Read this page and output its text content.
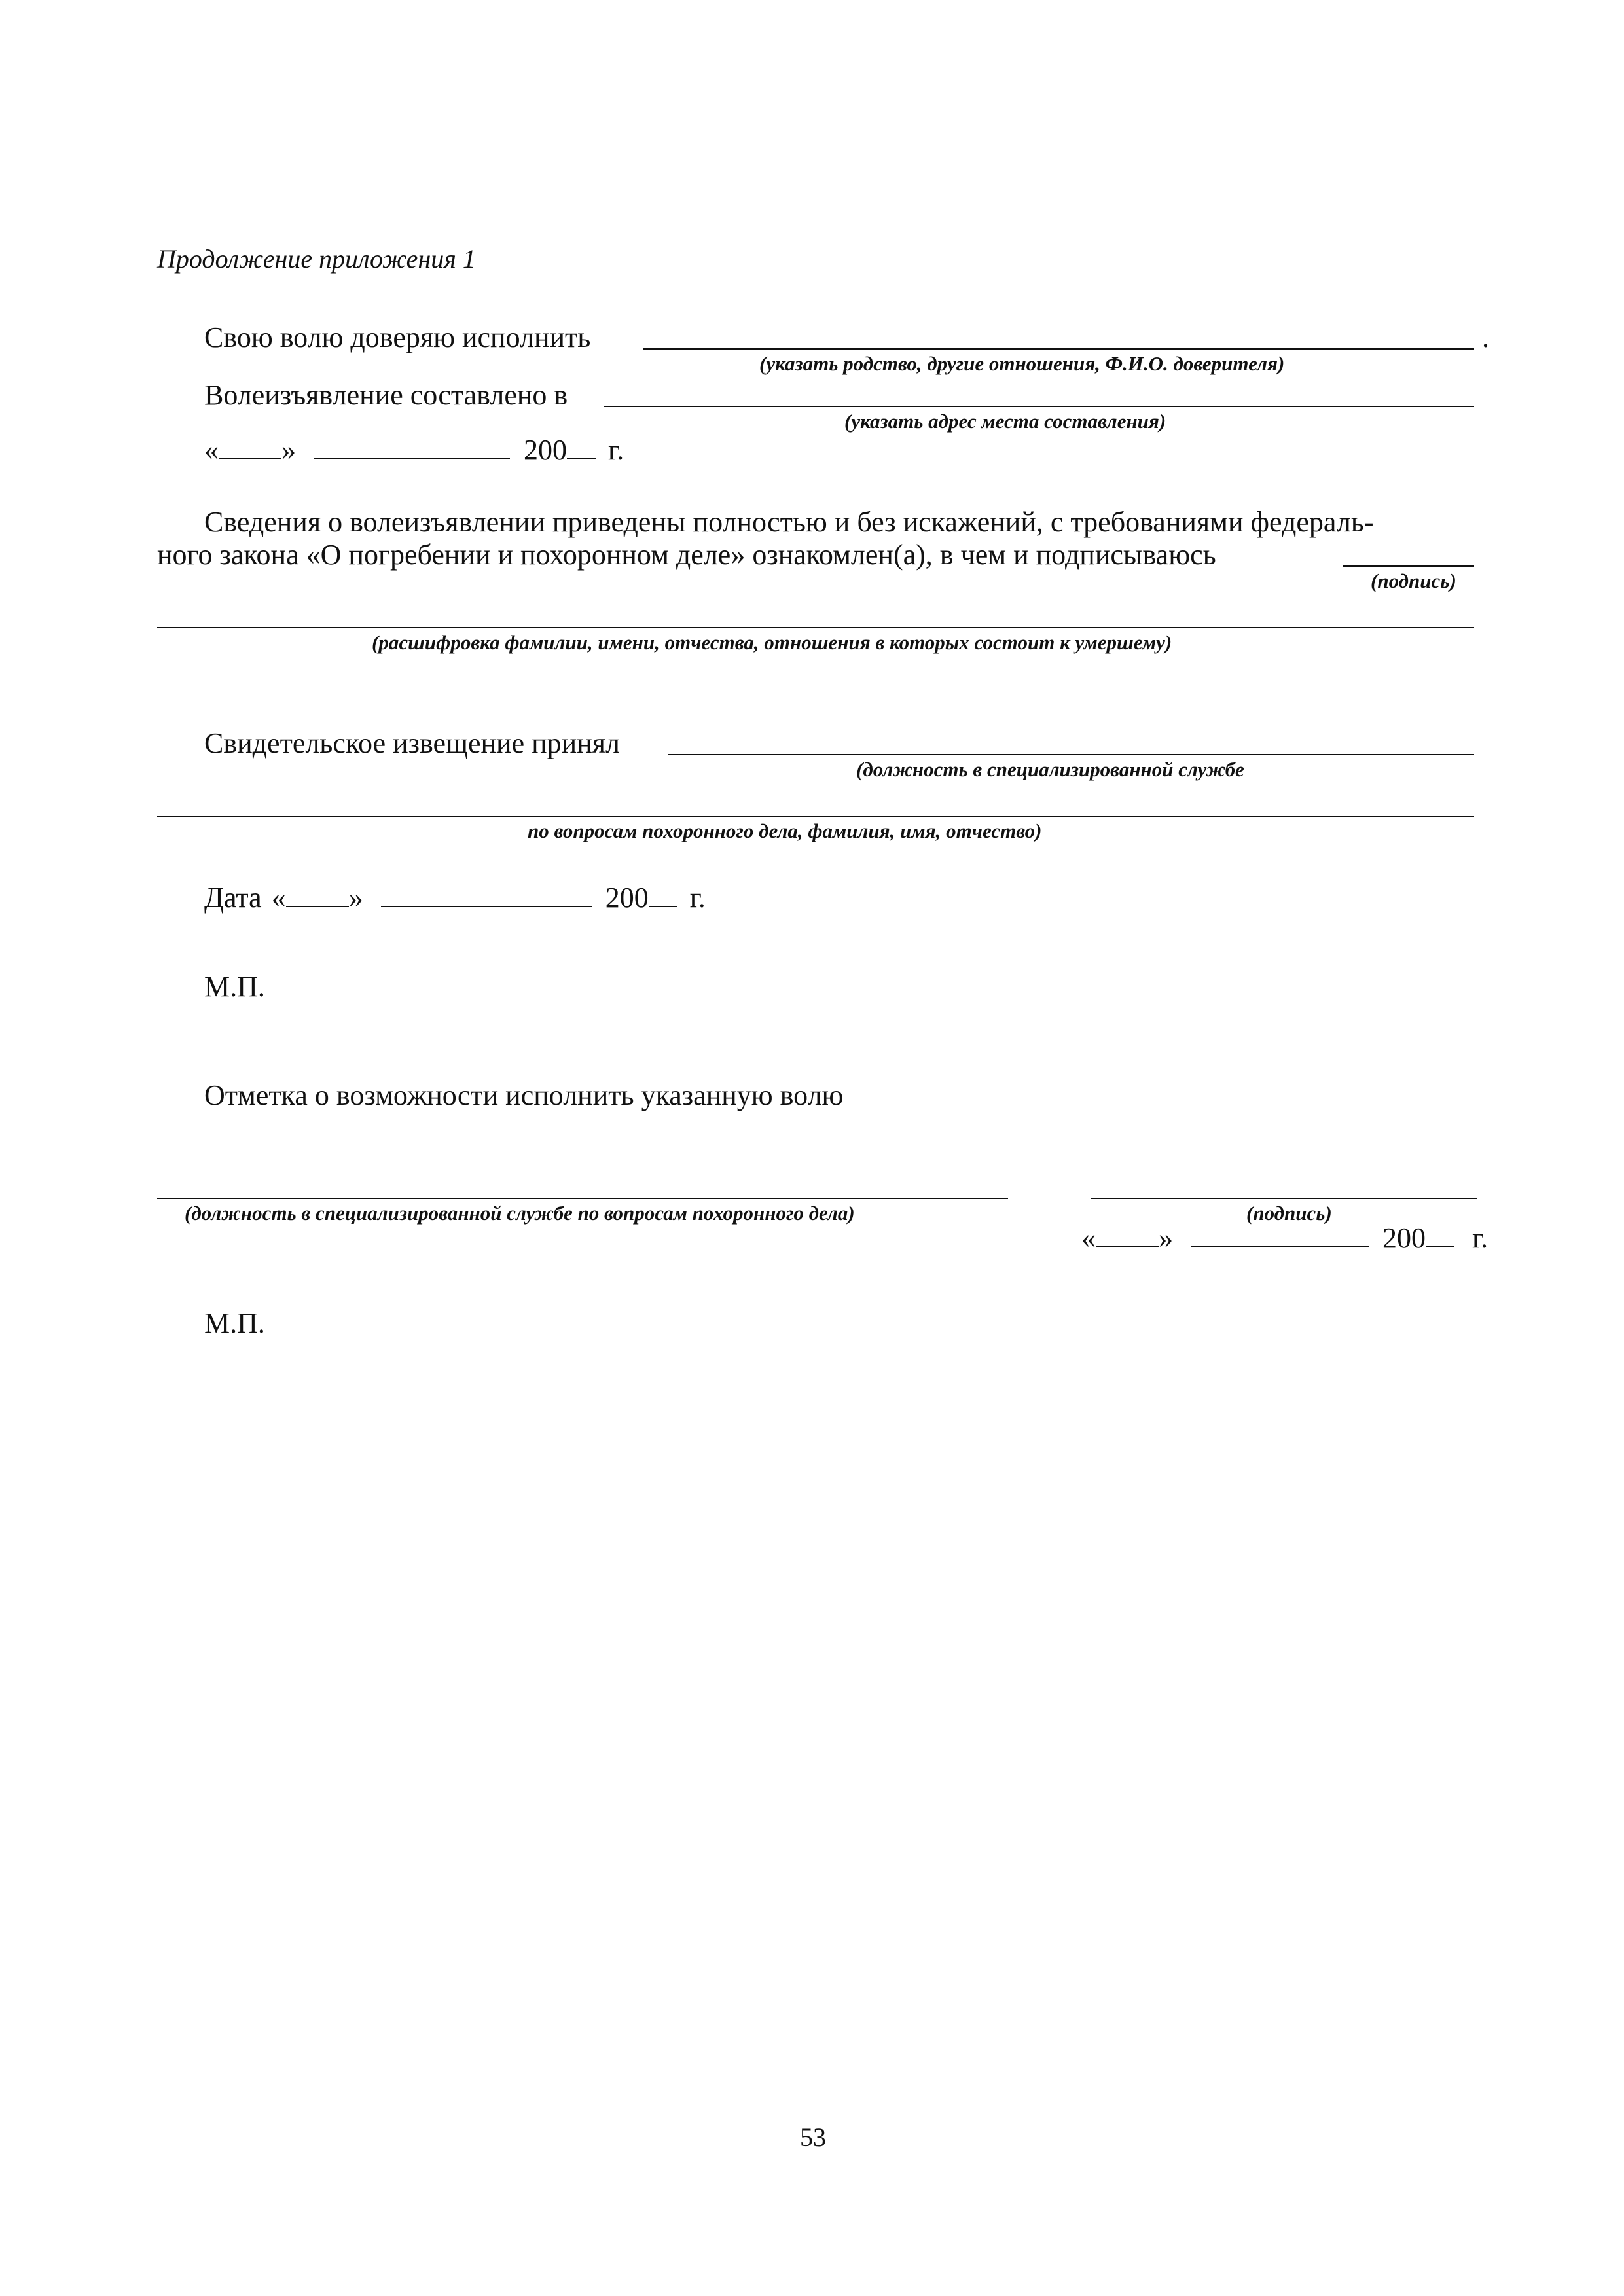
Продолжение приложения 1
Свою волю доверяю исполнить	.
(указать родство, другие отношения, Ф.И.О. доверителя)
Волеизъявление составлено в
(указать адрес места составления)
« »	200 г.
Сведения о волеизъявлении приведены полностью и без искажений, с требованиями федераль-
ного закона «О погребении и похоронном деле» ознакомлен(а), в чем и подписываюсь
(подпись)
(расшифровка фамилии, имени, отчества, отношения в которых состоит к умершему)
Свидетельское извещение принял
(должность в специализированной службе
по вопросам похоронного дела, фамилия, имя, отчество)
Дата « »	200 г.
М.П.
Отметка о возможности исполнить указанную волю
(должность в специализированной службе по вопросам похоронного дела)	(подпись)
« »	200 г.
М.П.
53
